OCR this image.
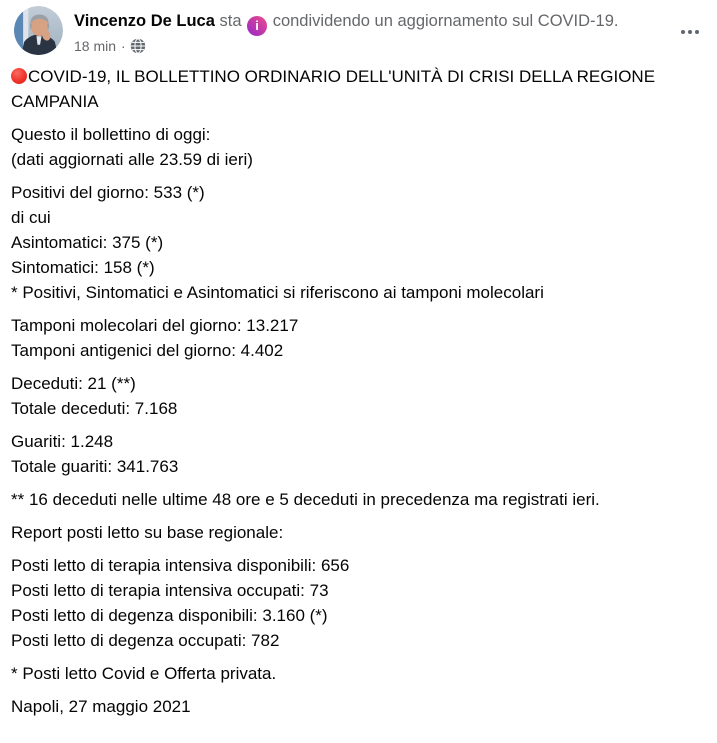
Vincenzo De Luca sta i condividendo un aggiornamento sul COVID-19.
18 min ·

COVID-19, IL BOLLETTINO ORDINARIO DELL'UNITÀ DI CRISI DELLA REGIONE CAMPANIA

Questo il bollettino di oggi:
(dati aggiornati alle 23.59 di ieri)

Positivi del giorno: 533 (*)
di cui
Asintomatici: 375 (*)
Sintomatici: 158 (*)
* Positivi, Sintomatici e Asintomatici si riferiscono ai tamponi molecolari

Tamponi molecolari del giorno: 13.217
Tamponi antigenici del giorno: 4.402

Deceduti: 21 (**)
Totale deceduti: 7.168

Guariti: 1.248
Totale guariti: 341.763

** 16 deceduti nelle ultime 48 ore e 5 deceduti in precedenza ma registrati ieri.

Report posti letto su base regionale:

Posti letto di terapia intensiva disponibili: 656
Posti letto di terapia intensiva occupati: 73
Posti letto di degenza disponibili: 3.160 (*)
Posti letto di degenza occupati: 782

* Posti letto Covid e Offerta privata.

Napoli, 27 maggio 2021
